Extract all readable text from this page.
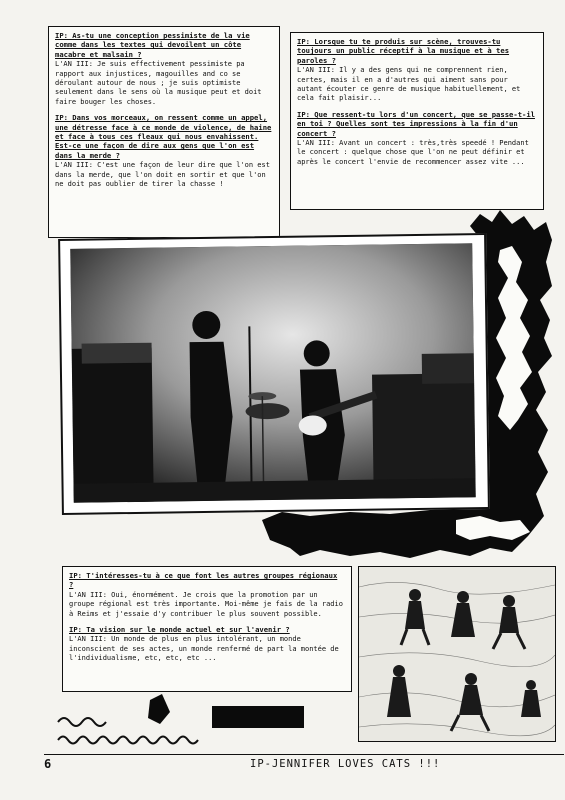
IP: As-tu une conception pessimiste de la vie comme dans les textes qui devoilent un côte macabre et malsain ?

L'AN III: Je suis effectivement pessimiste pa rapport aux injustices, magouilles and co se déroulant autour de nous ; je suis optimiste seulement dans le sens où la musique peut et doit faire bouger les choses.

IP: Dans vos morceaux, on ressent comme un appel, une détresse face à ce monde de violence, de haine et face à tous ces fleaux qui nous envahissent. Est-ce une façon de dire aux gens que l'on est dans la merde ?

L'AN III: C'est une façon de leur dire que l'on est dans la merde, que l'on doit en sortir et que l'on ne doit pas oublier de tirer la chasse !

IP: Lorsque tu te produis sur scène, trouves-tu toujours un public réceptif à la musique et à tes paroles ?

L'AN III: Il y a des gens qui ne comprennent rien, certes, mais il en a d'autres qui aiment sans pour autant écouter ce genre de musique habituellement, et cela fait plaisir...

IP: Que ressent-tu lors d'un concert, que se passe-t-il en toi ? Quelles sont tes impressions à la fin d'un concert ?

L'AN III: Avant un concert : très,très speedé ! Pendant le concert : quelque chose que l'on ne peut définir et après le concert l'envie de recommencer assez vite ...

IP: T'intéresses-tu à ce que font les autres groupes régionaux ?

L'AN III: Oui, énormément. Je crois que la promotion par un groupe régional est très importante. Moi-même je fais de la radio à Reims et j'essaie d'y contribuer le plus souvent possible.

IP: Ta vision sur le monde actuel et sur l'avenir ?

L'AN III: Un monde de plus en plus intolérant, un monde inconscient de ses actes, un monde renfermé de part la montée de l'individualisme, etc, etc, etc ...

6	IP-JENNIFER LOVES CATS !!!
